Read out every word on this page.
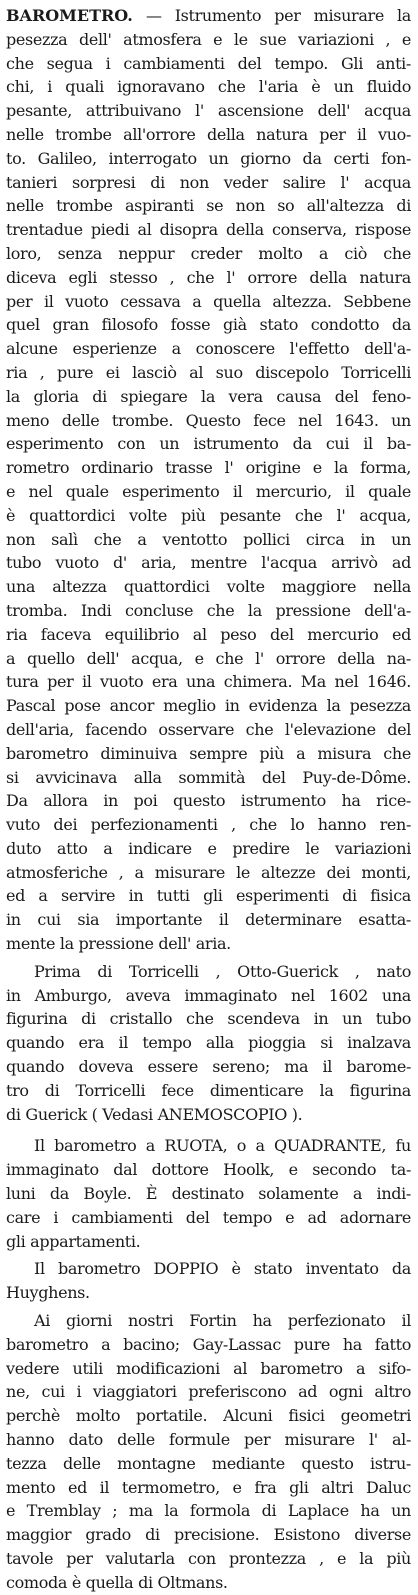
BAROMETRO. — Istrumento per misurare la
pesezza dell' atmosfera e le sue variazioni , e
che segua i cambiamenti del tempo. Gli anti-
chi, i quali ignoravano che l'aria è un fluido
pesante, attribuivano l' ascensione dell' acqua
nelle trombe all'orrore della natura per il vuo-
to. Galileo, interrogato un giorno da certi fon-
tanieri sorpresi di non veder salire l' acqua
nelle trombe aspiranti se non so all'altezza di
trentadue piedi al disopra della conserva, rispose
loro, senza neppur creder molto a ciò che
diceva egli stesso , che l' orrore della natura
per il vuoto cessava a quella altezza. Sebbene
quel gran filosofo fosse già stato condotto da
alcune esperienze a conoscere l'effetto dell'a-
ria , pure ei lasciò al suo discepolo Torricelli
la gloria di spiegare la vera causa del feno-
meno delle trombe. Questo fece nel 1643. un
esperimento con un istrumento da cui il ba-
rometro ordinario trasse l' origine e la forma,
e nel quale esperimento il mercurio, il quale
è quattordici volte più pesante che l' acqua,
non salì che a ventotto pollici circa in un
tubo vuoto d' aria, mentre l'acqua arrivò ad
una altezza quattordici volte maggiore nella
tromba. Indi concluse che la pressione dell'a-
ria faceva equilibrio al peso del mercurio ed
a quello dell' acqua, e che l' orrore della na-
tura per il vuoto era una chimera. Ma nel 1646.
Pascal pose ancor meglio in evidenza la pesezza
dell'aria, facendo osservare che l'elevazione del
barometro diminuiva sempre più a misura che
si avvicinava alla sommità del Puy-de-Dôme.
Da allora in poi questo istrumento ha rice-
vuto dei perfezionamenti , che lo hanno ren-
duto atto a indicare e predire le variazioni
atmosferiche , a misurare le altezze dei monti,
ed a servire in tutti gli esperimenti di fisica
in cui sia importante il determinare esatta-
mente la pressione dell' aria.
Prima di Torricelli , Otto-Guerick , nato
in Amburgo, aveva immaginato nel 1602 una
figurina di cristallo che scendeva in un tubo
quando era il tempo alla pioggia si inalzava
quando doveva essere sereno; ma il barome-
tro di Torricelli fece dimenticare la figurina
di Guerick ( Vedasi ANEMOSCOPIO ).
Il barometro a RUOTA, o a QUADRANTE, fu
immaginato dal dottore Hoolk, e secondo ta-
luni da Boyle. È destinato solamente a indi-
care i cambiamenti del tempo e ad adornare
gli appartamenti.
Il barometro DOPPIO è stato inventato da
Huyghens.
Ai giorni nostri Fortin ha perfezionato il
barometro a bacino; Gay-Lassac pure ha fatto
vedere utili modificazioni al barometro a sifo-
ne, cui i viaggiatori preferiscono ad ogni altro
perchè molto portatile. Alcuni fisici geometri
hanno dato delle formule per misurare l' al-
tezza delle montagne mediante questo istru-
mento ed il termometro, e fra gli altri Daluc
e Tremblay ; ma la formola di Laplace ha un
maggior grado di precisione. Esistono diverse
tavole per valutarla con prontezza , e la più
comoda è quella di Oltmans.
